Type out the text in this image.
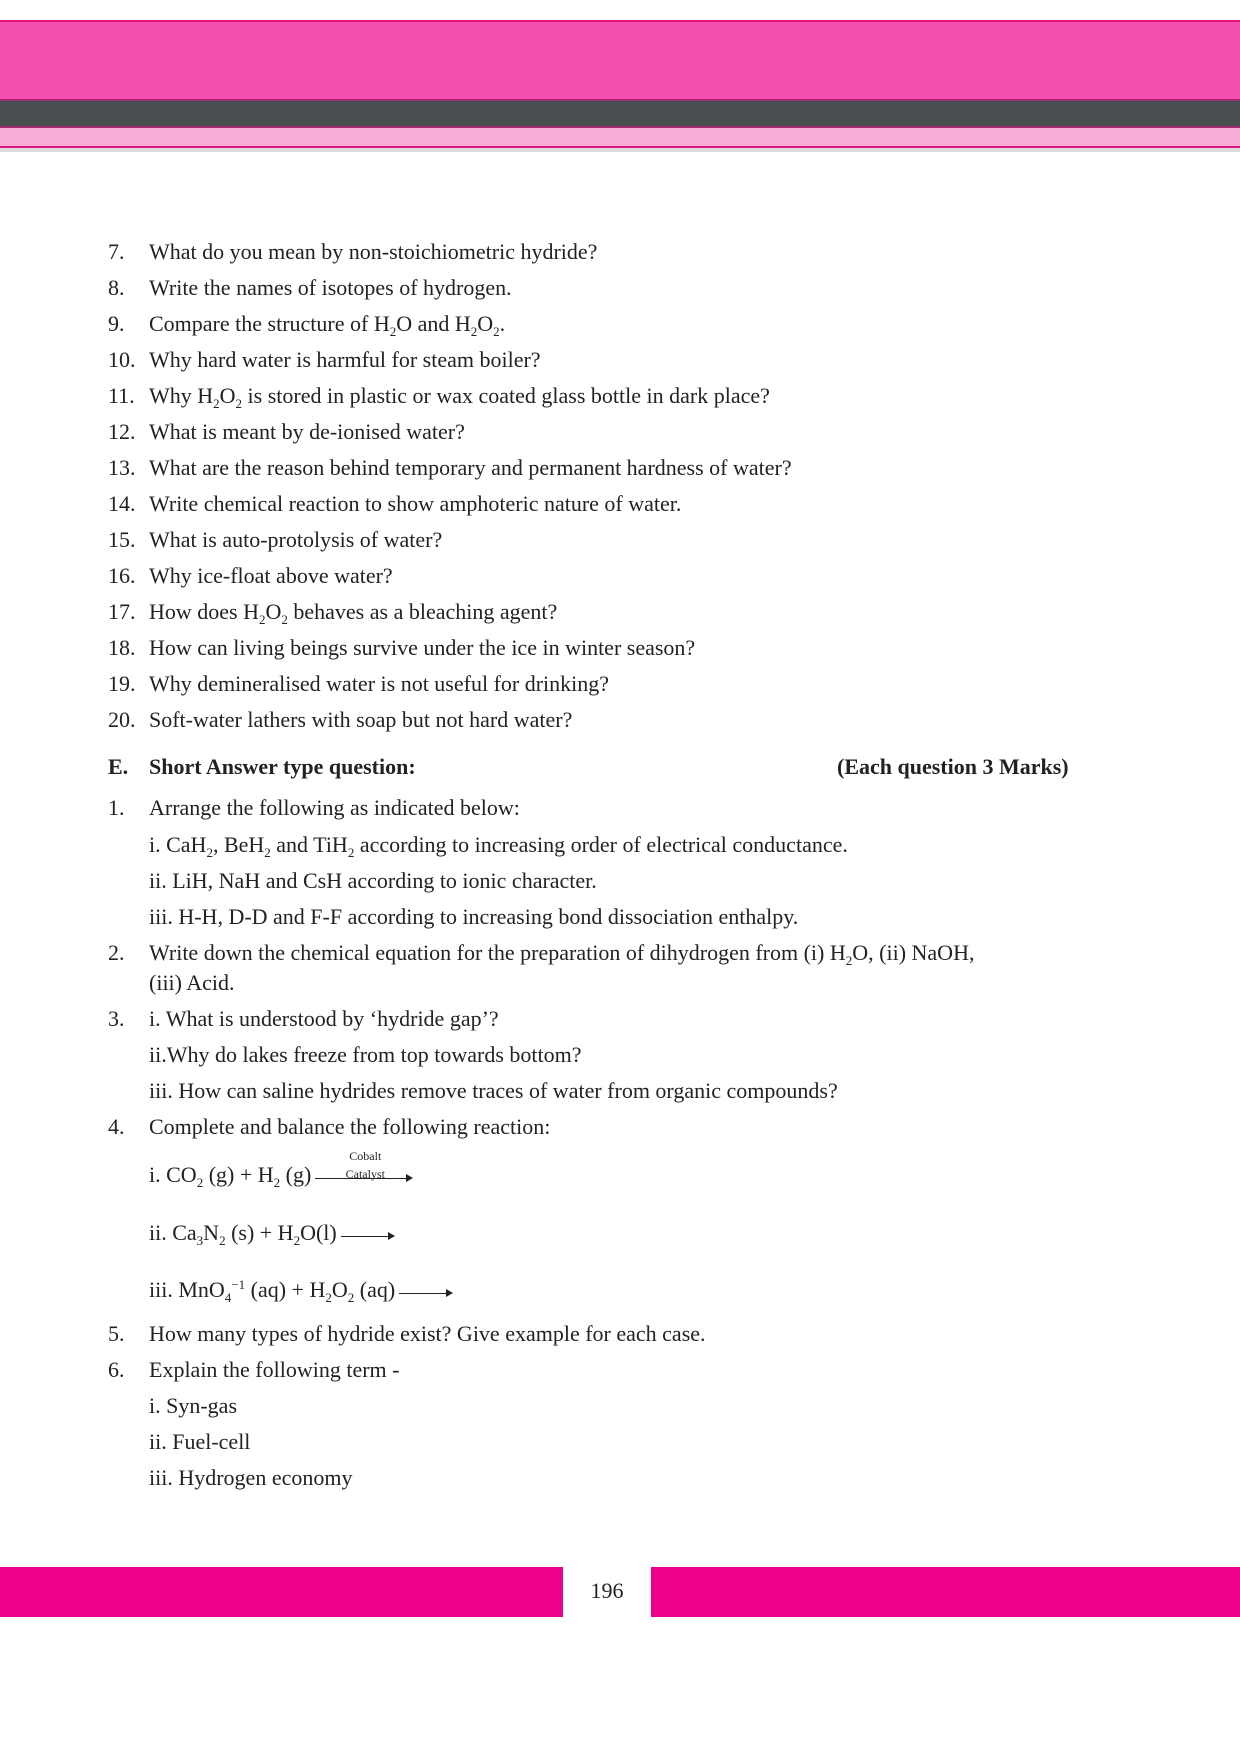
7. What do you mean by non-stoichiometric hydride?
8. Write the names of isotopes of hydrogen.
9. Compare the structure of $H_2O$ and $H_2O_2$.
10. Why hard water is harmful for steam boiler?
11. Why $H_2O_2$ is stored in plastic or wax coated glass bottle in dark place?
12. What is meant by de-ionised water?
13. What are the reason behind temporary and permanent hardness of water?
14. Write chemical reaction to show amphoteric nature of water.
15. What is auto-protolysis of water?
16. Why ice-float above water?
17. How does $H_2O_2$ behaves as a bleaching agent?
18. How can living beings survive under the ice in winter season?
19. Why demineralised water is not useful for drinking?
20. Soft-water lathers with soap but not hard water?
1. Arrange the following as indicated below:
i. CaH$_2$, BeH$_2$ and TiH$_2$ according to increasing order of electrical conductance.
ii. LiH, NaH and CsH according to ionic character.
iii. H-H, D-D and F-F according to increasing bond dissociation enthalpy.
2. Write down the chemical equation for the preparation of dihydrogen from (i) $H_2O$, (ii) NaOH,
(iii) Acid.
3. i. What is understood by ‘hydride gap’?
ii.Why do lakes freeze from top towards bottom?
iii. How can saline hydrides remove traces of water from organic compounds?
4. Complete and balance the following reaction:
i. $CO_2$ $(g) + H_2$ (g)
Cobalt
Catalyst
ii. $Ca_3N_2$ $(s) + H_2O(l)$ →
iii. MnO$_4^{-1}$ $(aq) + H_2O_2$ (aq) →
5. How many types of hydride exist? Give example for each case.
6. Explain the following term -
i. Syn-gas
ii. Fuel-cell
iii. Hydrogen economy
E. Short Answer type question:	(Each question 3 Marks)
196
